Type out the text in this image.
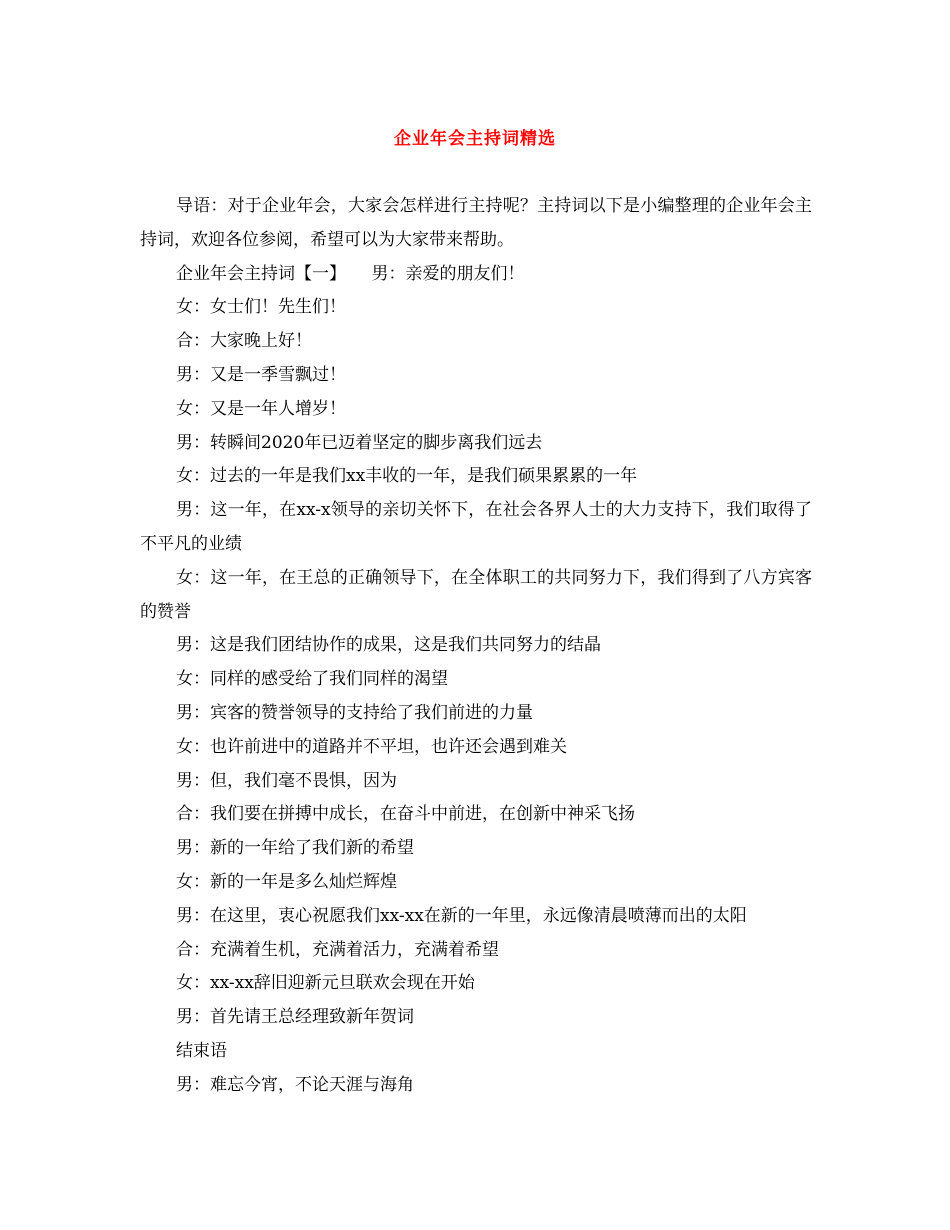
企业年会主持词精选

导语：对于企业年会，大家会怎样进行主持呢？主持词以下是小编整理的企业年会主持词，欢迎各位参阅，希望可以为大家带来帮助。

企业年会主持词【一】　　男：亲爱的朋友们！

女：女士们！先生们！

合：大家晚上好！

男：又是一季雪飘过！

女：又是一年人增岁！

男：转瞬间2020年已迈着坚定的脚步离我们远去

女：过去的一年是我们xx丰收的一年，是我们硕果累累的一年

男：这一年，在xx-x领导的亲切关怀下，在社会各界人士的大力支持下，我们取得了不平凡的业绩

女：这一年，在王总的正确领导下，在全体职工的共同努力下，我们得到了八方宾客的赞誉

男：这是我们团结协作的成果，这是我们共同努力的结晶

女：同样的感受给了我们同样的渴望

男：宾客的赞誉领导的支持给了我们前进的力量

女：也许前进中的道路并不平坦，也许还会遇到难关

男：但，我们毫不畏惧，因为

合：我们要在拼搏中成长，在奋斗中前进，在创新中神采飞扬

男：新的一年给了我们新的希望

女：新的一年是多么灿烂辉煌

男：在这里，衷心祝愿我们xx-xx在新的一年里，永远像清晨喷薄而出的太阳

合：充满着生机，充满着活力，充满着希望

女：xx-xx辞旧迎新元旦联欢会现在开始

男：首先请王总经理致新年贺词

结束语

男：难忘今宵，不论天涯与海角
